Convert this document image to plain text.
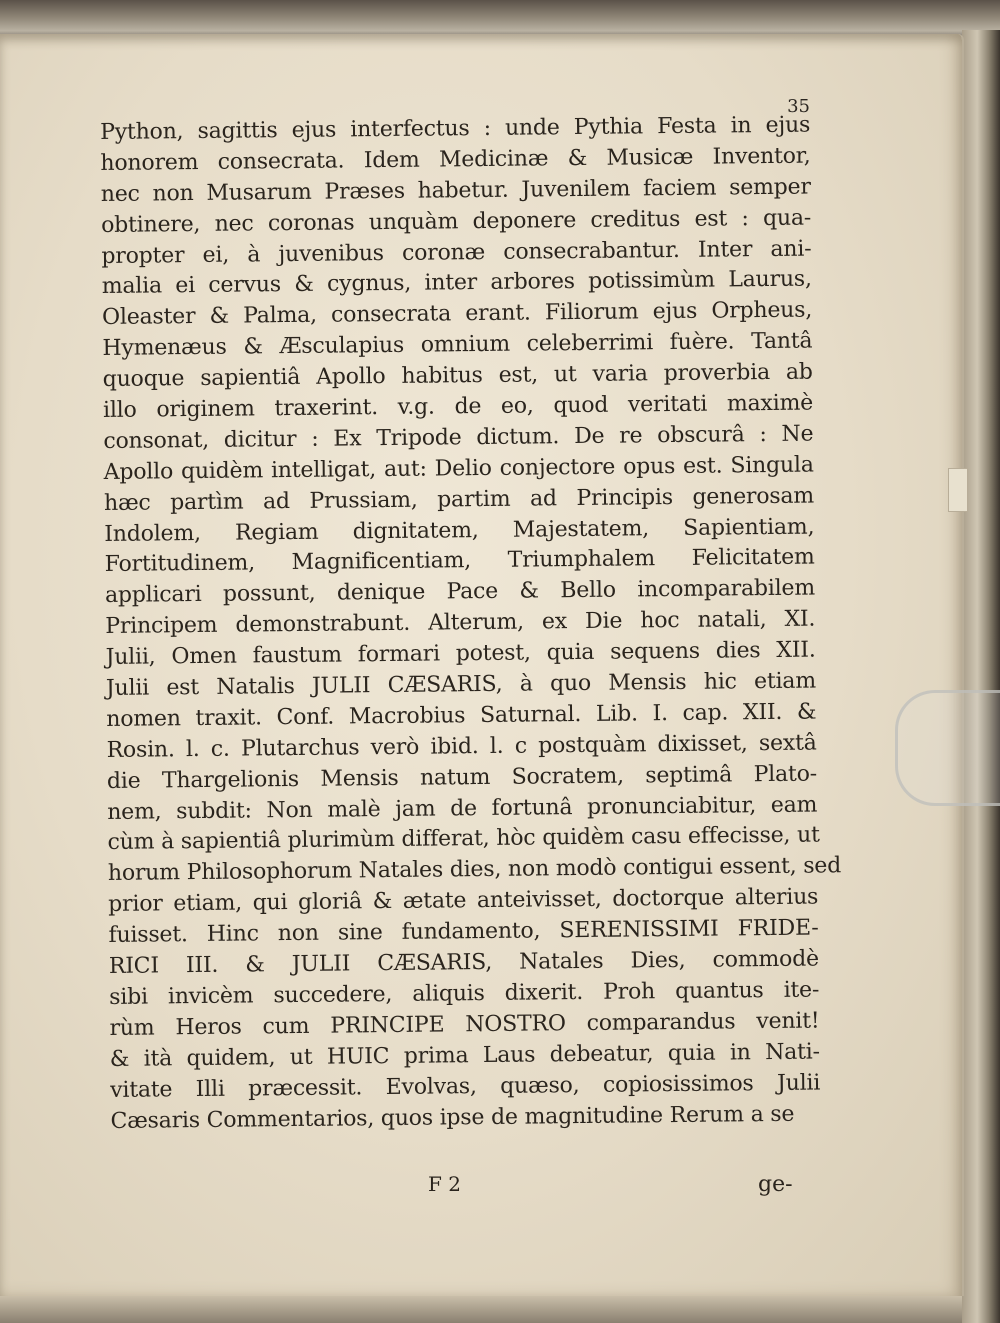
35
Python, sagittis ejus interfectus : unde Pythia Festa in ejus
honorem consecrata. Idem Medicinæ & Musicæ Inventor,
nec non Musarum Præses habetur. Juvenilem faciem semper
obtinere, nec coronas unquàm deponere creditus est : qua-
propter ei, à juvenibus coronæ consecrabantur. Inter ani-
malia ei cervus & cygnus, inter arbores potissimùm Laurus,
Oleaster & Palma, consecrata erant. Filiorum ejus Orpheus,
Hymenæus & Æsculapius omnium celeberrimi fuère. Tantâ
quoque sapientiâ Apollo habitus est, ut varia proverbia ab
illo originem traxerint. v.g. de eo, quod veritati maximè
consonat, dicitur : Ex Tripode dictum. De re obscurâ : Ne
Apollo quidèm intelligat, aut: Delio conjectore opus est. Singula
hæc partìm ad Prussiam, partim ad Principis generosam
Indolem, Regiam dignitatem, Majestatem, Sapientiam,
Fortitudinem, Magnificentiam, Triumphalem Felicitatem
applicari possunt, denique Pace & Bello incomparabilem
Principem demonstrabunt. Alterum, ex Die hoc natali, XI.
Julii, Omen faustum formari potest, quia sequens dies XII.
Julii est Natalis JULII CÆSARIS, à quo Mensis hic etiam
nomen traxit. Conf. Macrobius Saturnal. Lib. I. cap. XII. &
Rosin. l. c. Plutarchus verò ibid. l. c postquàm dixisset, sextâ
die Thargelionis Mensis natum Socratem, septimâ Plato-
nem, subdit: Non malè jam de fortunâ pronunciabitur, eam
cùm à sapientiâ plurimùm differat, hòc quidèm casu effecisse, ut
horum Philosophorum Natales dies, non modò contigui essent, sed
prior etiam, qui gloriâ & ætate anteivisset, doctorque alterius
fuisset. Hinc non sine fundamento, SERENISSIMI FRIDE-
RICI III. & JULII CÆSARIS, Natales Dies, commodè
sibi invicèm succedere, aliquis dixerit. Proh quantus ite-
rùm Heros cum PRINCIPE NOSTRO comparandus venit!
& ità quidem, ut HUIC prima Laus debeatur, quia in Nati-
vitate Illi præcessit. Evolvas, quæso, copiosissimos Julii
Cæsaris Commentarios, quos ipse de magnitudine Rerum a se
F 2	ge-
